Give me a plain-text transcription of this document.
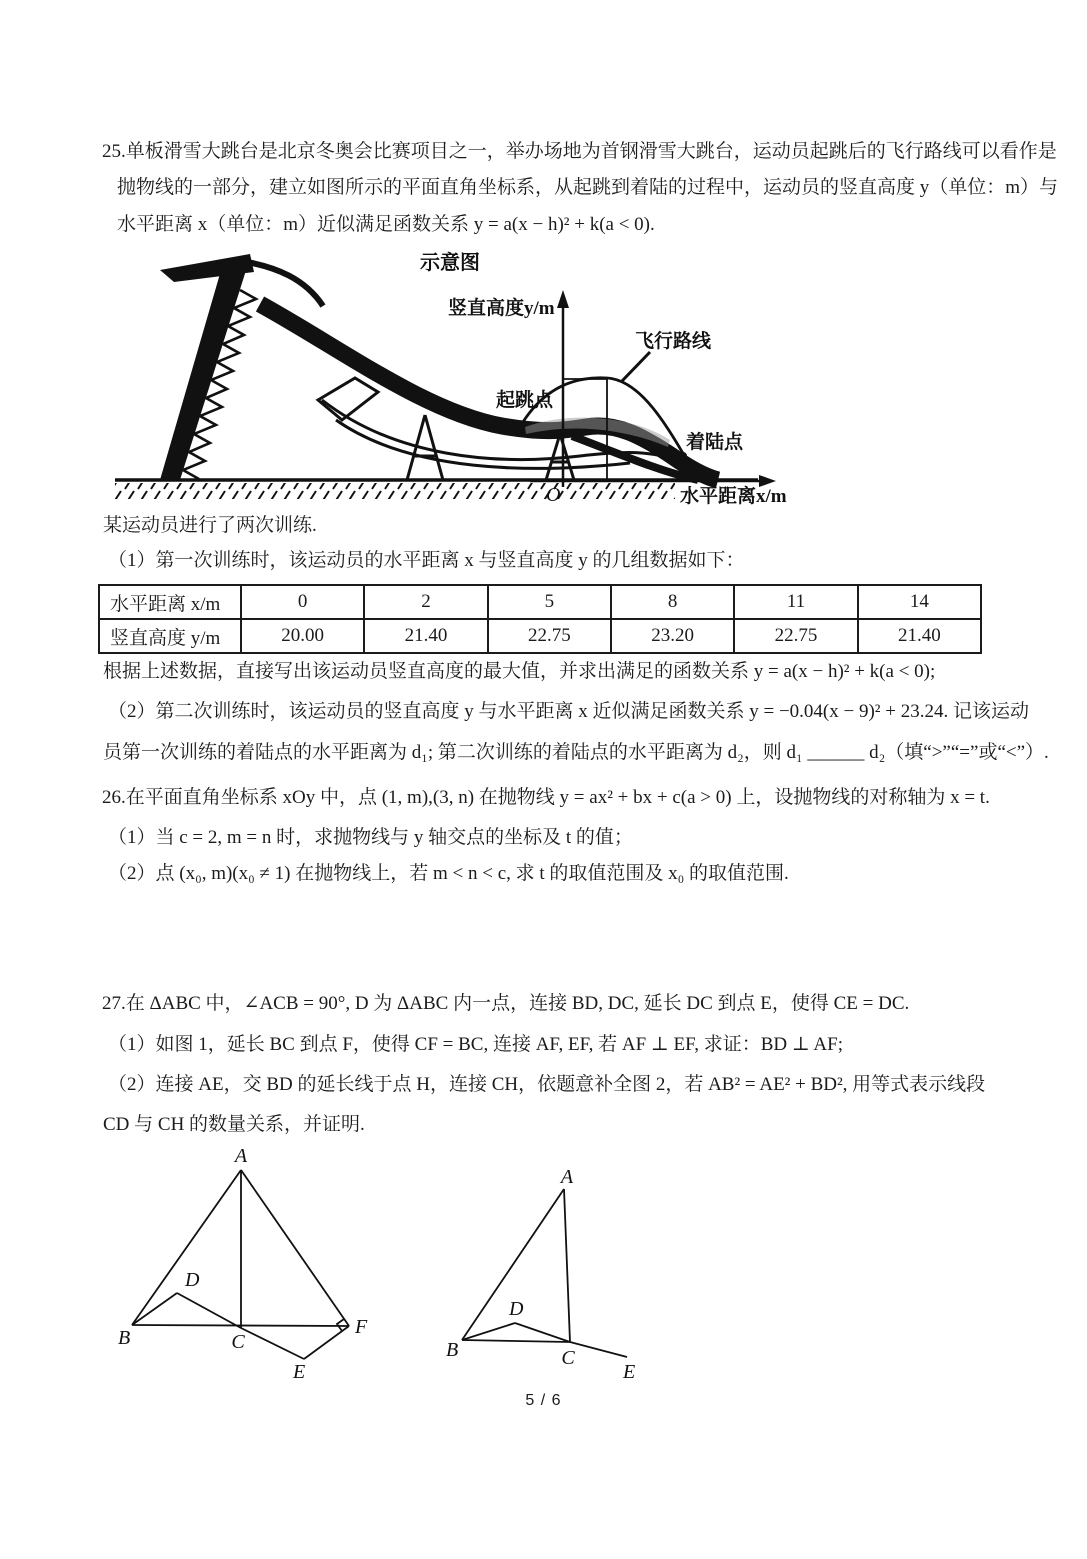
25.单板滑雪大跳台是北京冬奥会比赛项目之一，举办场地为首钢滑雪大跳台，运动员起跳后的飞行路线可以看作是
抛物线的一部分，建立如图所示的平面直角坐标系，从起跳到着陆的过程中，运动员的竖直高度 y（单位：m）与
水平距离 x（单位：m）近似满足函数关系 y = a(x − h)² + k(a < 0).
示意图
竖直高度y/m
飞行路线
起跳点
着陆点
O	水平距离x/m
某运动员进行了两次训练.
（1）第一次训练时，该运动员的水平距离 x 与竖直高度 y 的几组数据如下：
水平距离 x/m	0	2	5	8	11	14
竖直高度 y/m	20.00	21.40	22.75	23.20	22.75	21.40
根据上述数据，直接写出该运动员竖直高度的最大值，并求出满足的函数关系 y = a(x − h)² + k(a < 0);
（2）第二次训练时，该运动员的竖直高度 y 与水平距离 x 近似满足函数关系 y = −0.04(x − 9)² + 23.24. 记该运动
员第一次训练的着陆点的水平距离为 d₁; 第二次训练的着陆点的水平距离为 d₂，则 d₁ ______ d₂（填“>”“=”或“<”）.
26.在平面直角坐标系 xOy 中，点 (1, m),(3, n) 在抛物线 y = ax² + bx + c(a > 0) 上，设抛物线的对称轴为 x = t.
（1）当 c = 2, m = n 时，求抛物线与 y 轴交点的坐标及 t 的值；
（2）点 (x₀, m)(x₀ ≠ 1) 在抛物线上，若 m < n < c, 求 t 的取值范围及 x₀ 的取值范围.
27.在 ΔABC 中，∠ACB = 90°, D 为 ΔABC 内一点，连接 BD, DC, 延长 DC 到点 E，使得 CE = DC.
（1）如图 1，延长 BC 到点 F，使得 CF = BC, 连接 AF, EF, 若 AF ⊥ EF, 求证：BD ⊥ AF;
（2）连接 AE，交 BD 的延长线于点 H，连接 CH，依题意补全图 2，若 AB² = AE² + BD², 用等式表示线段
CD 与 CH 的数量关系，并证明.
A
B	C
D
E
F
A
B	C
D
E
5 / 6
